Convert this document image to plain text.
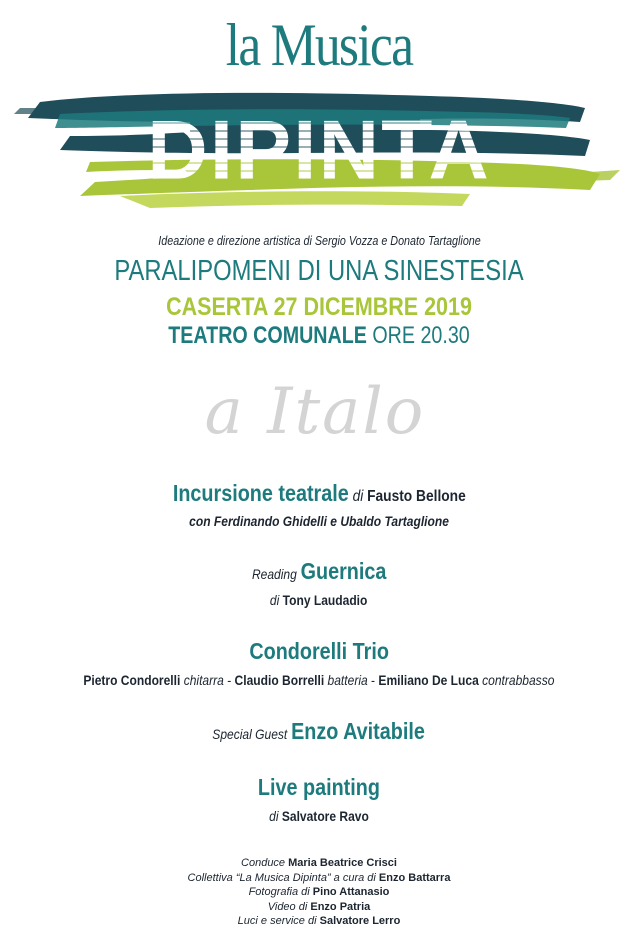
la Musica
DIPINTA
Ideazione e direzione artistica di Sergio Vozza e Donato Tartaglione
PARALIPOMENI DI UNA SINESTESIA
CASERTA 27 DICEMBRE 2019
TEATRO COMUNALE ORE 20.30
a Italo
Incursione teatrale di Fausto Bellone
con Ferdinando Ghidelli e Ubaldo Tartaglione
Reading Guernica
di Tony Laudadio
Condorelli Trio
Pietro Condorelli chitarra - Claudio Borrelli batteria - Emiliano De Luca contrabbasso
Special Guest Enzo Avitabile
Live painting
di Salvatore Ravo
Conduce Maria Beatrice Crisci
Collettiva “La Musica Dipinta” a cura di Enzo Battarra
Fotografia di Pino Attanasio
Video di Enzo Patria
Luci e service di Salvatore Lerro
